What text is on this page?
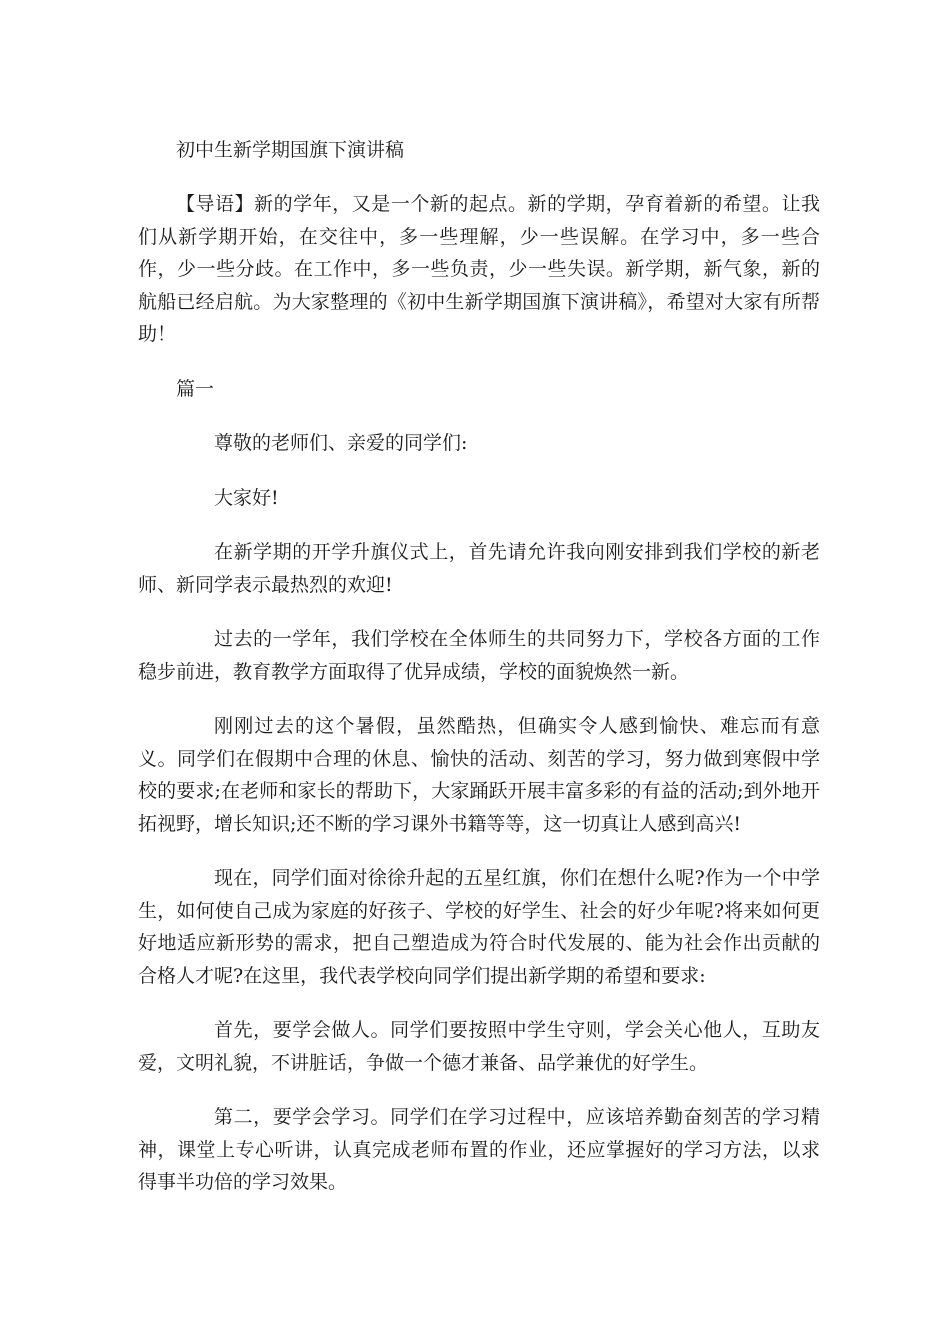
初中生新学期国旗下演讲稿

【导语】新的学年，又是一个新的起点。新的学期，孕育着新的希望。让我们从新学期开始，在交往中，多一些理解，少一些误解。在学习中，多一些合作，少一些分歧。在工作中，多一些负责，少一些失误。新学期，新气象，新的航船已经启航。为大家整理的《初中生新学期国旗下演讲稿》，希望对大家有所帮助！

篇一

尊敬的老师们、亲爱的同学们:

大家好!

在新学期的开学升旗仪式上，首先请允许我向刚安排到我们学校的新老师、新同学表示最热烈的欢迎!

过去的一学年，我们学校在全体师生的共同努力下，学校各方面的工作稳步前进，教育教学方面取得了优异成绩，学校的面貌焕然一新。

刚刚过去的这个暑假，虽然酷热，但确实令人感到愉快、难忘而有意义。同学们在假期中合理的休息、愉快的活动、刻苦的学习，努力做到寒假中学校的要求;在老师和家长的帮助下，大家踊跃开展丰富多彩的有益的活动;到外地开拓视野，增长知识;还不断的学习课外书籍等等，这一切真让人感到高兴!

现在，同学们面对徐徐升起的五星红旗，你们在想什么呢?作为一个中学生，如何使自己成为家庭的好孩子、学校的好学生、社会的好少年呢?将来如何更好地适应新形势的需求，把自己塑造成为符合时代发展的、能为社会作出贡献的合格人才呢?在这里，我代表学校向同学们提出新学期的希望和要求:

首先，要学会做人。同学们要按照中学生守则，学会关心他人，互助友爱，文明礼貌，不讲脏话，争做一个德才兼备、品学兼优的好学生。

第二，要学会学习。同学们在学习过程中，应该培养勤奋刻苦的学习精神，课堂上专心听讲，认真完成老师布置的作业，还应掌握好的学习方法，以求得事半功倍的学习效果。
